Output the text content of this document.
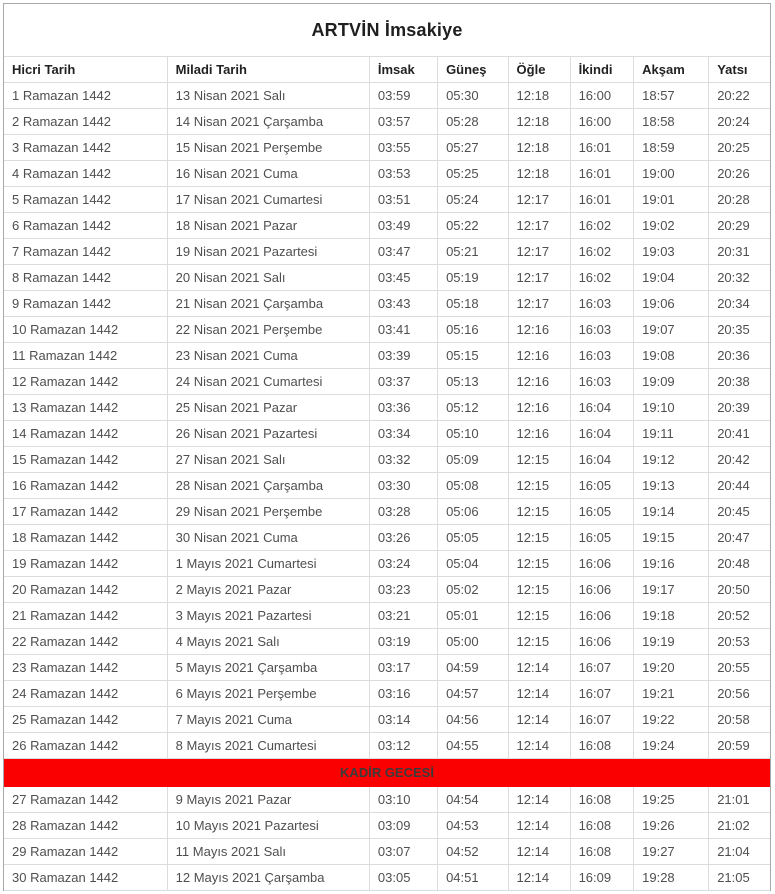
ARTVİN İmsakiye
Hicri Tarih	Miladi Tarih	İmsak	Güneş	Öğle	İkindi	Akşam	Yatsı
1 Ramazan 1442	13 Nisan 2021 Salı	03:59	05:30	12:18	16:00	18:57	20:22
2 Ramazan 1442	14 Nisan 2021 Çarşamba	03:57	05:28	12:18	16:00	18:58	20:24
3 Ramazan 1442	15 Nisan 2021 Perşembe	03:55	05:27	12:18	16:01	18:59	20:25
4 Ramazan 1442	16 Nisan 2021 Cuma	03:53	05:25	12:18	16:01	19:00	20:26
5 Ramazan 1442	17 Nisan 2021 Cumartesi	03:51	05:24	12:17	16:01	19:01	20:28
6 Ramazan 1442	18 Nisan 2021 Pazar	03:49	05:22	12:17	16:02	19:02	20:29
7 Ramazan 1442	19 Nisan 2021 Pazartesi	03:47	05:21	12:17	16:02	19:03	20:31
8 Ramazan 1442	20 Nisan 2021 Salı	03:45	05:19	12:17	16:02	19:04	20:32
9 Ramazan 1442	21 Nisan 2021 Çarşamba	03:43	05:18	12:17	16:03	19:06	20:34
10 Ramazan 1442	22 Nisan 2021 Perşembe	03:41	05:16	12:16	16:03	19:07	20:35
11 Ramazan 1442	23 Nisan 2021 Cuma	03:39	05:15	12:16	16:03	19:08	20:36
12 Ramazan 1442	24 Nisan 2021 Cumartesi	03:37	05:13	12:16	16:03	19:09	20:38
13 Ramazan 1442	25 Nisan 2021 Pazar	03:36	05:12	12:16	16:04	19:10	20:39
14 Ramazan 1442	26 Nisan 2021 Pazartesi	03:34	05:10	12:16	16:04	19:11	20:41
15 Ramazan 1442	27 Nisan 2021 Salı	03:32	05:09	12:15	16:04	19:12	20:42
16 Ramazan 1442	28 Nisan 2021 Çarşamba	03:30	05:08	12:15	16:05	19:13	20:44
17 Ramazan 1442	29 Nisan 2021 Perşembe	03:28	05:06	12:15	16:05	19:14	20:45
18 Ramazan 1442	30 Nisan 2021 Cuma	03:26	05:05	12:15	16:05	19:15	20:47
19 Ramazan 1442	1 Mayıs 2021 Cumartesi	03:24	05:04	12:15	16:06	19:16	20:48
20 Ramazan 1442	2 Mayıs 2021 Pazar	03:23	05:02	12:15	16:06	19:17	20:50
21 Ramazan 1442	3 Mayıs 2021 Pazartesi	03:21	05:01	12:15	16:06	19:18	20:52
22 Ramazan 1442	4 Mayıs 2021 Salı	03:19	05:00	12:15	16:06	19:19	20:53
23 Ramazan 1442	5 Mayıs 2021 Çarşamba	03:17	04:59	12:14	16:07	19:20	20:55
24 Ramazan 1442	6 Mayıs 2021 Perşembe	03:16	04:57	12:14	16:07	19:21	20:56
25 Ramazan 1442	7 Mayıs 2021 Cuma	03:14	04:56	12:14	16:07	19:22	20:58
26 Ramazan 1442	8 Mayıs 2021 Cumartesi	03:12	04:55	12:14	16:08	19:24	20:59
KADİR GECESİ							
27 Ramazan 1442	9 Mayıs 2021 Pazar	03:10	04:54	12:14	16:08	19:25	21:01
28 Ramazan 1442	10 Mayıs 2021 Pazartesi	03:09	04:53	12:14	16:08	19:26	21:02
29 Ramazan 1442	11 Mayıs 2021 Salı	03:07	04:52	12:14	16:08	19:27	21:04
30 Ramazan 1442	12 Mayıs 2021 Çarşamba	03:05	04:51	12:14	16:09	19:28	21:05
